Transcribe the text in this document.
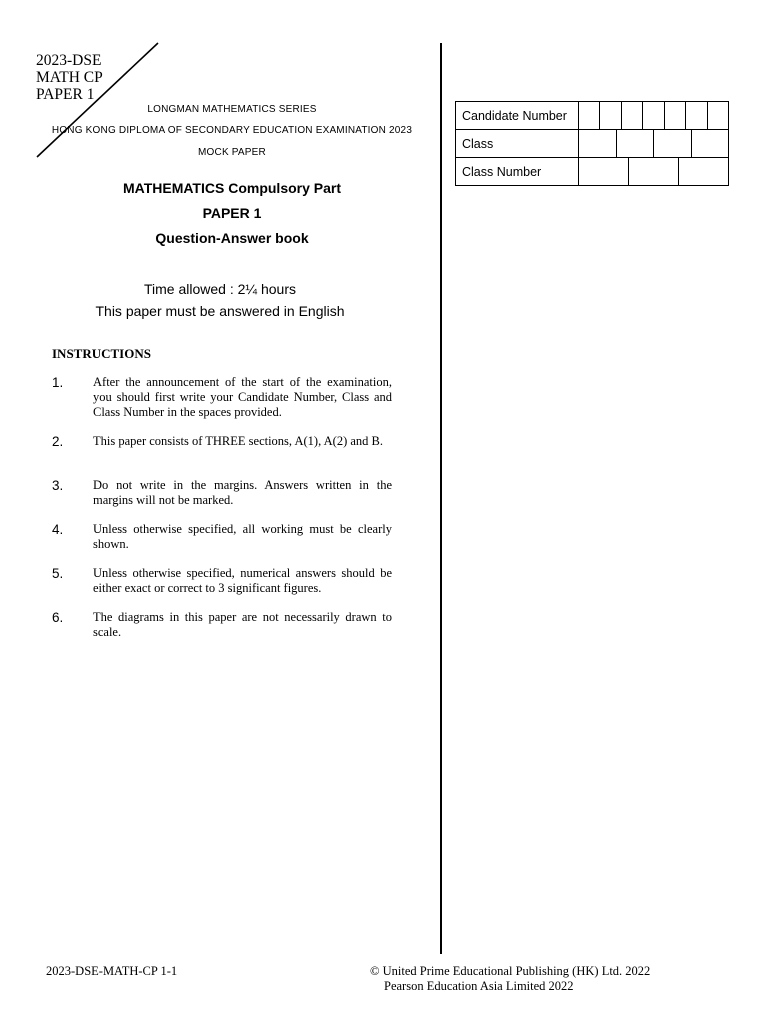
2023-DSE
MATH CP
PAPER 1
LONGMAN MATHEMATICS SERIES
HONG KONG DIPLOMA OF SECONDARY EDUCATION EXAMINATION 2023
MOCK PAPER
MATHEMATICS Compulsory Part
PAPER 1
Question-Answer book
Time allowed : 2¼ hours
This paper must be answered in English
Candidate Number	

Class	

Class Number	
INSTRUCTIONS
1. After the announcement of the start of the examination, you should first write your Candidate Number, Class and Class Number in the spaces provided.
2. This paper consists of THREE sections, A(1), A(2) and B.
3. Do not write in the margins. Answers written in the margins will not be marked.
4. Unless otherwise specified, all working must be clearly shown.
5. Unless otherwise specified, numerical answers should be either exact or correct to 3 significant figures.
6. The diagrams in this paper are not necessarily drawn to scale.
2023-DSE-MATH-CP 1-1	© United Prime Educational Publishing (HK) Ltd. 2022
Pearson Education Asia Limited 2022
